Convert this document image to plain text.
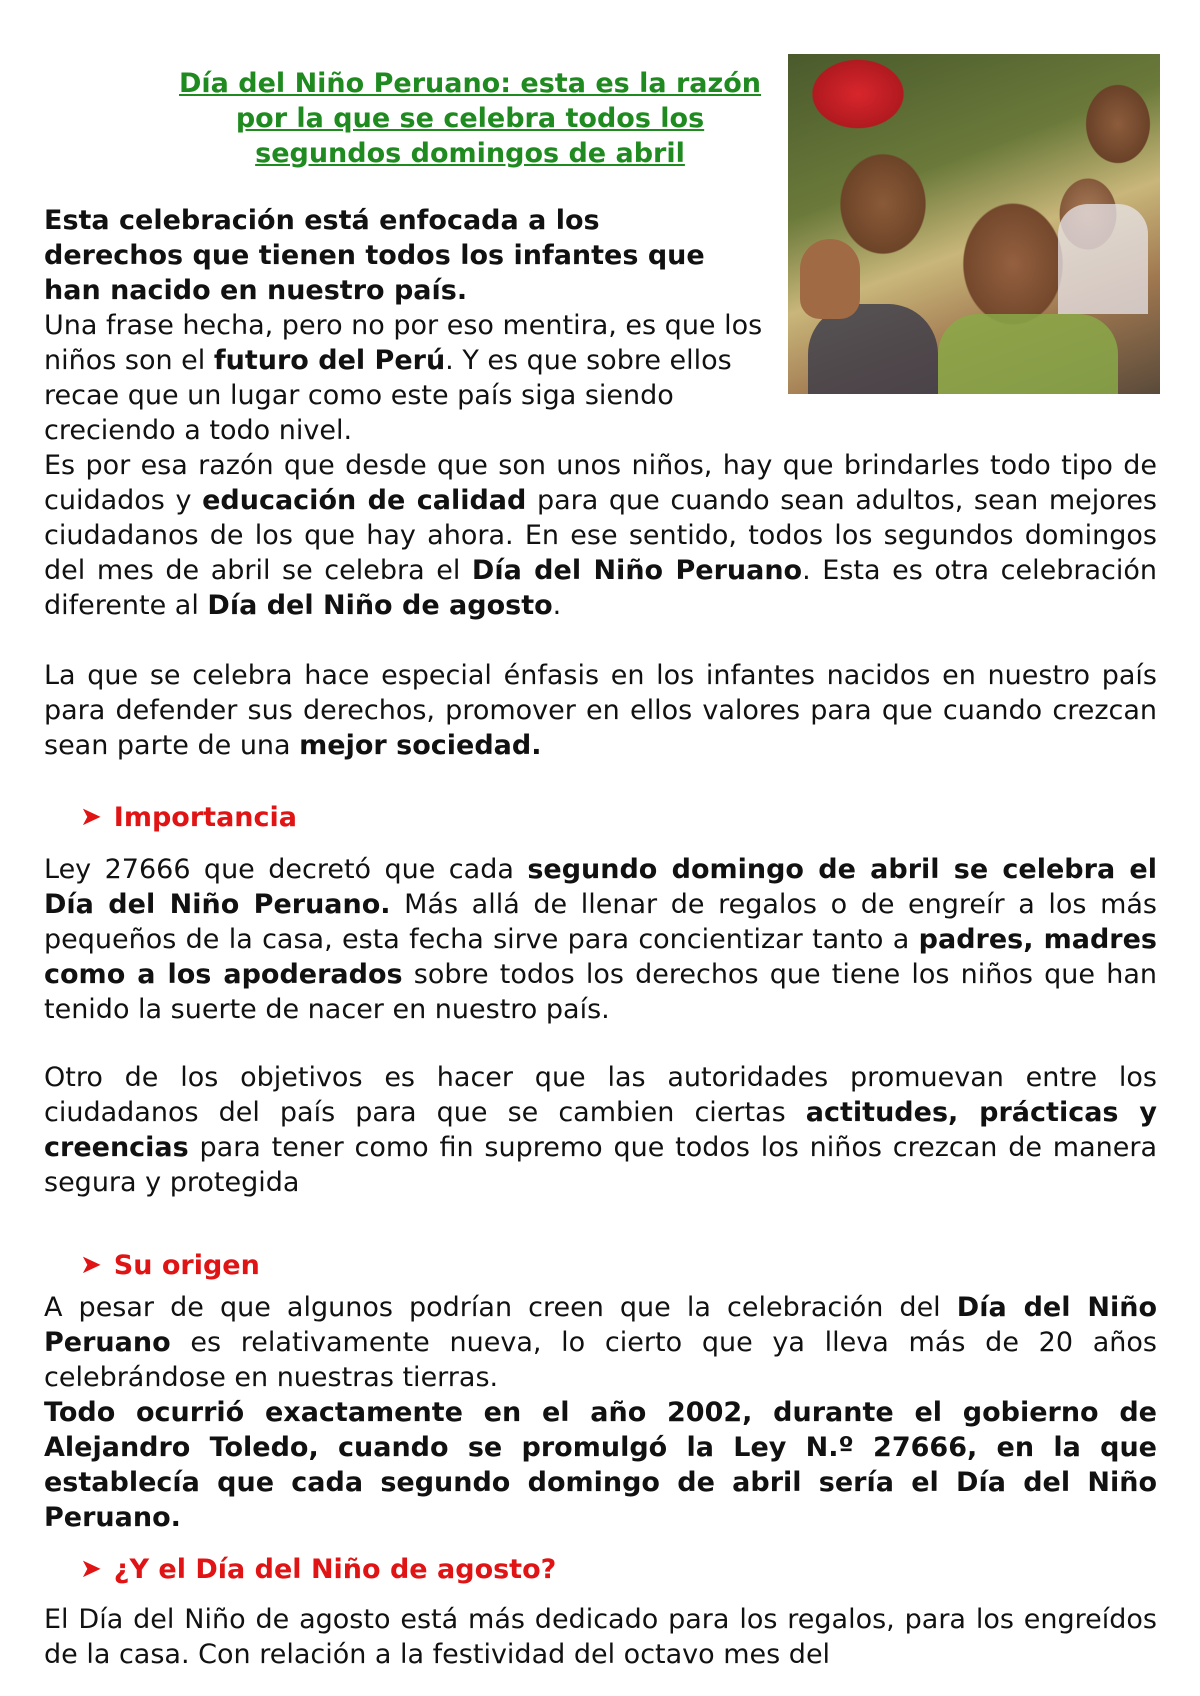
Día del Niño Peruano: esta es la razón por la que se celebra todos los segundos domingos de abril

Esta celebración está enfocada a los derechos que tienen todos los infantes que han nacido en nuestro país.

Una frase hecha, pero no por eso mentira, es que los niños son el futuro del Perú. Y es que sobre ellos recae que un lugar como este país siga siendo creciendo a todo nivel.

Es por esa razón que desde que son unos niños, hay que brindarles todo tipo de cuidados y educación de calidad para que cuando sean adultos, sean mejores ciudadanos de los que hay ahora. En ese sentido, todos los segundos domingos del mes de abril se celebra el Día del Niño Peruano. Esta es otra celebración diferente al Día del Niño de agosto.

La que se celebra hace especial énfasis en los infantes nacidos en nuestro país para defender sus derechos, promover en ellos valores para que cuando crezcan sean parte de una mejor sociedad.

➤ Importancia

Ley 27666 que decretó que cada segundo domingo de abril se celebra el Día del Niño Peruano. Más allá de llenar de regalos o de engreír a los más pequeños de la casa, esta fecha sirve para concientizar tanto a padres, madres como a los apoderados sobre todos los derechos que tiene los niños que han tenido la suerte de nacer en nuestro país.

Otro de los objetivos es hacer que las autoridades promuevan entre los ciudadanos del país para que se cambien ciertas actitudes, prácticas y creencias para tener como fin supremo que todos los niños crezcan de manera segura y protegida

➤ Su origen

A pesar de que algunos podrían creen que la celebración del Día del Niño Peruano es relativamente nueva, lo cierto que ya lleva más de 20 años celebrándose en nuestras tierras.

Todo ocurrió exactamente en el año 2002, durante el gobierno de Alejandro Toledo, cuando se promulgó la Ley N.º 27666, en la que establecía que cada segundo domingo de abril sería el Día del Niño Peruano.

➤ ¿Y el Día del Niño de agosto?

El Día del Niño de agosto está más dedicado para los regalos, para los engreídos de la casa. Con relación a la festividad del octavo mes del
